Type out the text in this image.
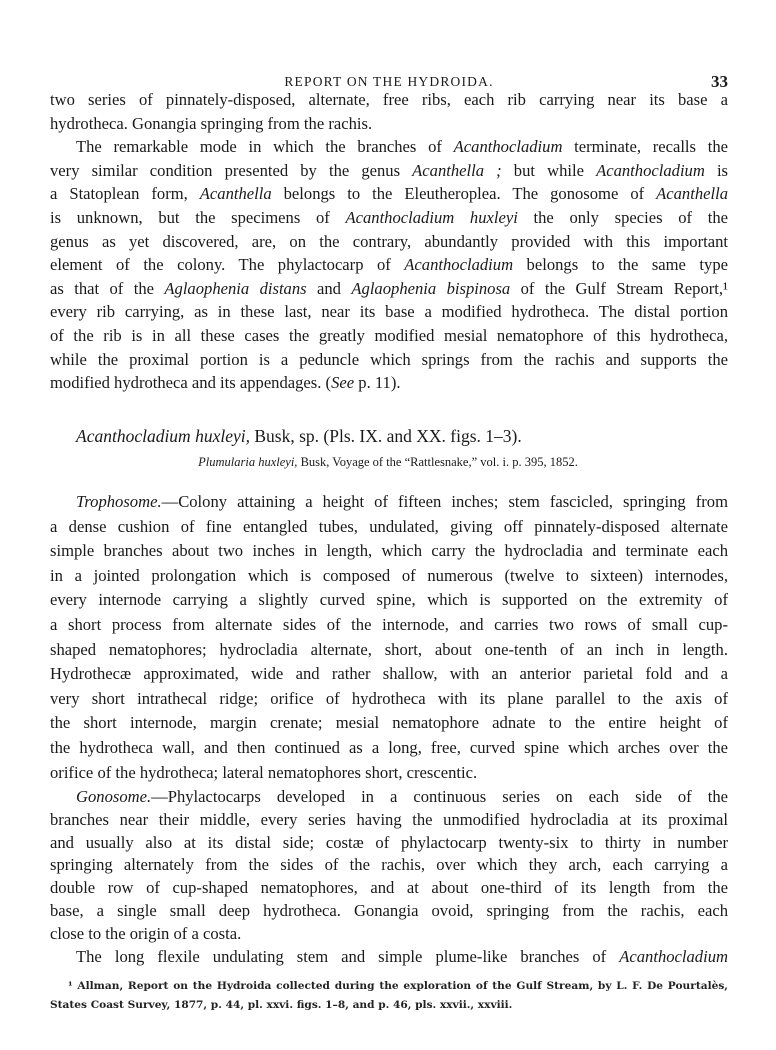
REPORT ON THE HYDROIDA.	33
two series of pinnately-disposed, alternate, free ribs, each rib carrying near its base a
hydrotheca. Gonangia springing from the rachis.
The remarkable mode in which the branches of Acanthocladium terminate, recalls the
very similar condition presented by the genus Acanthella ; but while Acanthocladium is
a Statoplean form, Acanthella belongs to the Eleutheroplea. The gonosome of Acanthella
is unknown, but the specimens of Acanthocladium huxleyi the only species of the
genus as yet discovered, are, on the contrary, abundantly provided with this important
element of the colony. The phylactocarp of Acanthocladium belongs to the same type
as that of the Aglaophenia distans and Aglaophenia bispinosa of the Gulf Stream Report,¹
every rib carrying, as in these last, near its base a modified hydrotheca. The distal portion
of the rib is in all these cases the greatly modified mesial nematophore of this hydrotheca,
while the proximal portion is a peduncle which springs from the rachis and supports the
modified hydrotheca and its appendages. (See p. 11).
Acanthocladium huxleyi, Busk, sp. (Pls. IX. and XX. figs. 1–3).
Plumularia huxleyi, Busk, Voyage of the “Rattlesnake,” vol. i. p. 395, 1852.
Trophosome.—Colony attaining a height of fifteen inches; stem fascicled, springing from
a dense cushion of fine entangled tubes, undulated, giving off pinnately-disposed alternate
simple branches about two inches in length, which carry the hydrocladia and terminate each
in a jointed prolongation which is composed of numerous (twelve to sixteen) internodes,
every internode carrying a slightly curved spine, which is supported on the extremity of
a short process from alternate sides of the internode, and carries two rows of small cup-
shaped nematophores; hydrocladia alternate, short, about one-tenth of an inch in length.
Hydrothecæ approximated, wide and rather shallow, with an anterior parietal fold and a
very short intrathecal ridge; orifice of hydrotheca with its plane parallel to the axis of
the short internode, margin crenate; mesial nematophore adnate to the entire height of
the hydrotheca wall, and then continued as a long, free, curved spine which arches over the
orifice of the hydrotheca; lateral nematophores short, crescentic.
Gonosome.—Phylactocarps developed in a continuous series on each side of the
branches near their middle, every series having the unmodified hydrocladia at its proximal
and usually also at its distal side; costæ of phylactocarp twenty-six to thirty in number
springing alternately from the sides of the rachis, over which they arch, each carrying a
double row of cup-shaped nematophores, and at about one-third of its length from the
base, a single small deep hydrotheca. Gonangia ovoid, springing from the rachis, each
close to the origin of a costa.
The long flexile undulating stem and simple plume-like branches of Acanthocladium
¹ Allman, Report on the Hydroida collected during the exploration of the Gulf Stream, by L. F. De Pourtalès,
States Coast Survey, 1877, p. 44, pl. xxvi. figs. 1–8, and p. 46, pls. xxvii., xxviii.
